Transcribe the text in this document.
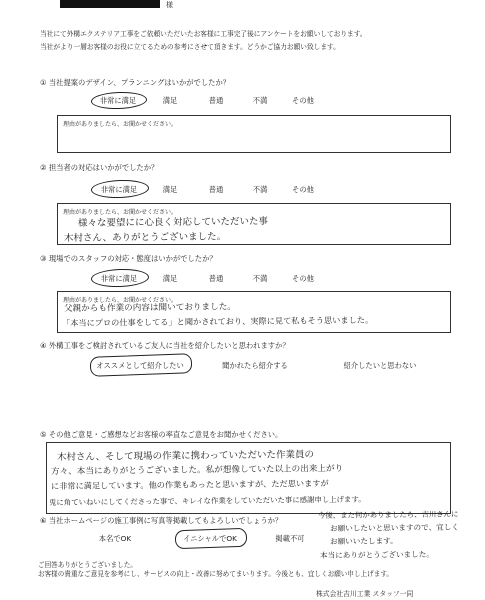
様
当社にて外構エクステリア工事をご依頼いただいたお客様に工事完了後にアンケートをお願いしております。
当社がより一層お客様のお役に立てるための参考にさせて頂きます。どうかご協力お願い致します。
① 当社提案のデザイン、プランニングはいかがでしたか？
非常に満足	満足	普通	不満	その他
理由がありましたら、お聞かせください。
② 担当者の対応はいかがでしたか？
非常に満足	満足	普通	不満	その他
理由がありましたら、お聞かせください。
様々な要望にに心良く対応していただいた事
木村さん、ありがとうございました。
③ 現場でのスタッフの対応・態度はいかがでしたか？
非常に満足	満足	普通	不満	その他
理由がありましたら、お聞かせください。
父親からも作業の内容は聞いておりました。
「本当にプロの仕事をしてる」と聞かされており、実際に見て私もそう思いました。
④ 外構工事をご検討されているご友人に当社を紹介したいと思われますか？
オススメとして紹介したい	聞かれたら紹介する	紹介したいと思わない
⑤ その他ご意見・ご感想などお客様の率直なご意見をお聞かせください。
木村さん、そして現場の作業に携わっていただいた作業員の
方々、本当にありがとうございました。私が想像していた以上の出来上がり
に非常に満足しています。他の作業もあったと思いますが、ただ思いますが
兎に角ていねいにしてくださった事で、キレイな作業をしていただいた事に感謝申し上げます。
⑥ 当社ホームページの施工事例に写真等掲載してもよろしいでしょうか？
本名でOK	イニシャルでOK	掲載不可
今後、また何かありましたら、吉川さんに
お願いしたいと思いますので、宜しく
お願いいたします。
本当にありがとうございました。
ご回答ありがとうございました。
お客様の貴重なご意見を参考にし、サービスの向上・改善に努めてまいります。今後とも、宜しくお願い申し上げます。
株式会社吉川工業 スタッフ一同
